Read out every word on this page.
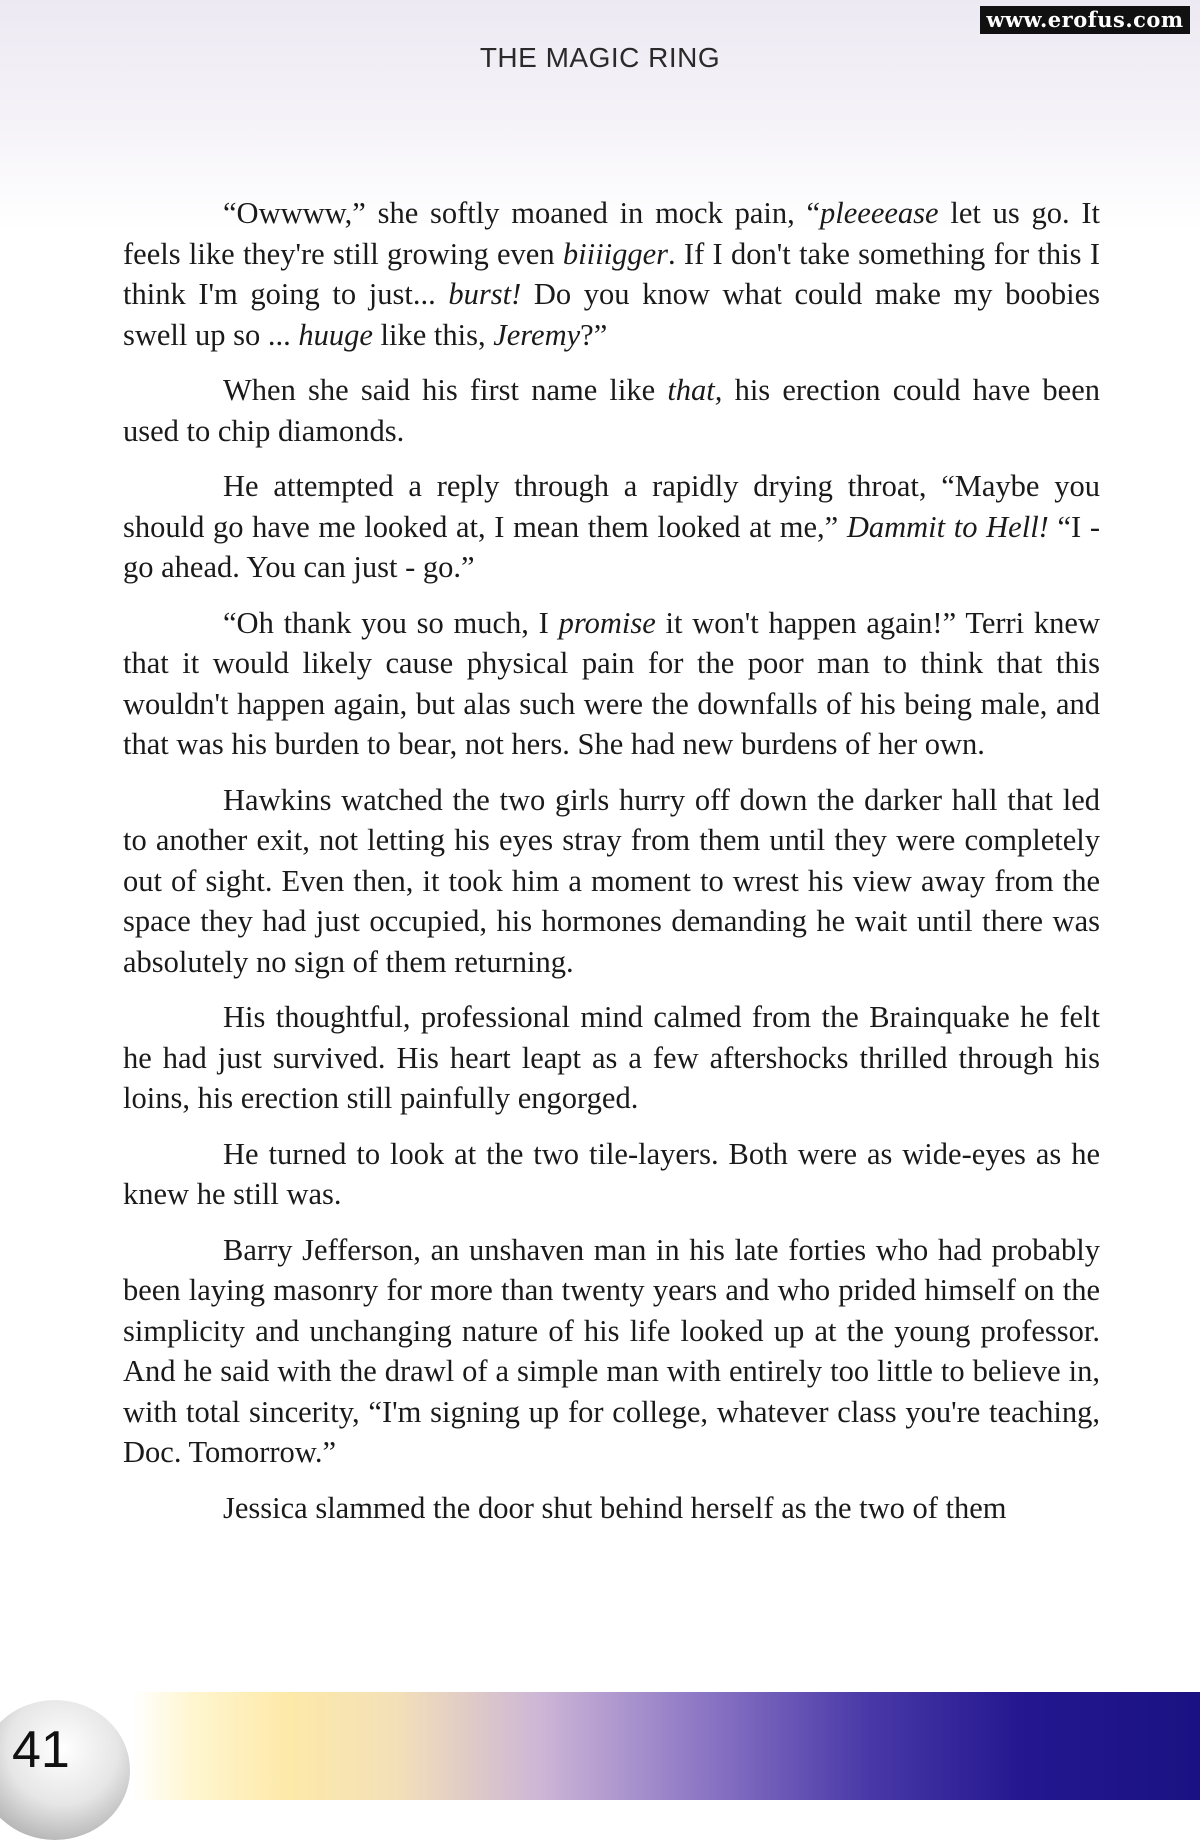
www.erofus.com
THE MAGIC RING

“Owwww,” she softly moaned in mock pain, “pleeeease let us go. It feels like they're still growing even biiiigger. If I don't take something for this I think I'm going to just... burst! Do you know what could make my boobies swell up so ... huuge like this, Jeremy?”

When she said his first name like that, his erection could have been used to chip diamonds.

He attempted a reply through a rapidly drying throat, “Maybe you should go have me looked at, I mean them looked at me,” Dammit to Hell! “I - go ahead. You can just - go.”

“Oh thank you so much, I promise it won't happen again!” Terri knew that it would likely cause physical pain for the poor man to think that this wouldn't happen again, but alas such were the downfalls of his being male, and that was his burden to bear, not hers. She had new burdens of her own.

Hawkins watched the two girls hurry off down the darker hall that led to another exit, not letting his eyes stray from them until they were completely out of sight. Even then, it took him a moment to wrest his view away from the space they had just occupied, his hormones demanding he wait until there was absolutely no sign of them returning.

His thoughtful, professional mind calmed from the Brainquake he felt he had just survived. His heart leapt as a few aftershocks thrilled through his loins, his erection still painfully engorged.

He turned to look at the two tile-layers. Both were as wide-eyes as he knew he still was.

Barry Jefferson, an unshaven man in his late forties who had probably been laying masonry for more than twenty years and who prided himself on the simplicity and unchanging nature of his life looked up at the young professor. And he said with the drawl of a simple man with entirely too little to believe in, with total sincerity, “I'm signing up for college, whatever class you're teaching, Doc. Tomorrow.”

Jessica slammed the door shut behind herself as the two of them

41
